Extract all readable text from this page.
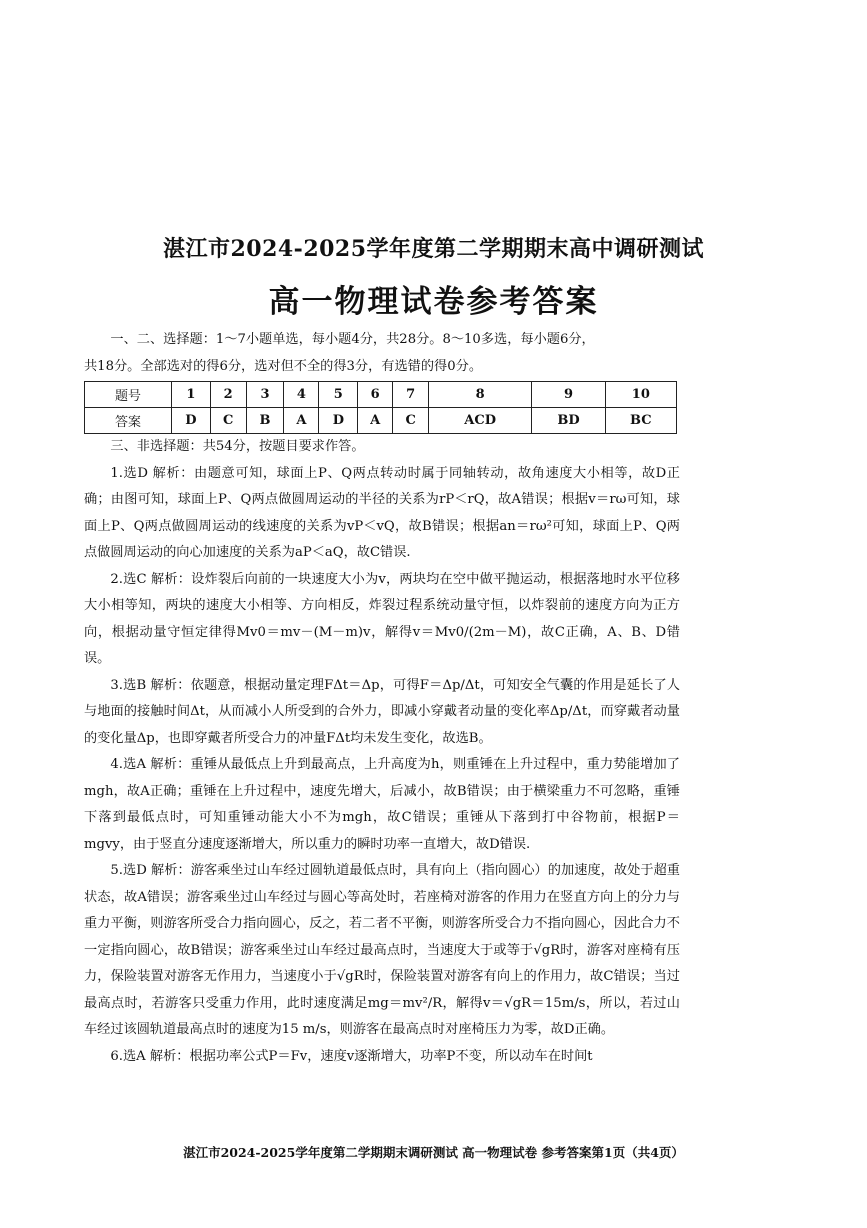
湛江市2024-2025学年度第二学期期末高中调研测试
高一物理试卷参考答案

一、二、选择题：1～7小题单选，每小题4分，共28分。8～10多选，每小题6分，

共18分。全部选对的得6分，选对但不全的得3分，有选错的得0分。

题号	1	2	3	4	5	6	7	8	9	10
答案	D	C	B	A	D	A	C	ACD	BD	BC

三、非选择题：共54分，按题目要求作答。

1.选D 解析：由题意可知，球面上P、Q两点转动时属于同轴转动，故角速度大小相等，故D正确；由图可知，球面上P、Q两点做圆周运动的半径的关系为rP＜rQ，故A错误；根据v＝rω可知，球面上P、Q两点做圆周运动的线速度的关系为vP＜vQ，故B错误；根据an＝rω²可知，球面上P、Q两点做圆周运动的向心加速度的关系为aP＜aQ，故C错误.

2.选C 解析：设炸裂后向前的一块速度大小为v，两块均在空中做平抛运动，根据落地时水平位移大小相等知，两块的速度大小相等、方向相反，炸裂过程系统动量守恒，以炸裂前的速度方向为正方向，根据动量守恒定律得Mv0＝mv－(M－m)v，解得v＝Mv0/(2m－M)，故C正确，A、B、D错误。

3.选B 解析：依题意，根据动量定理FΔt＝Δp，可得F＝Δp/Δt，可知安全气囊的作用是延长了人与地面的接触时间Δt，从而减小人所受到的合外力，即减小穿戴者动量的变化率Δp/Δt，而穿戴者动量的变化量Δp，也即穿戴者所受合力的冲量FΔt均未发生变化，故选B。

4.选A 解析：重锤从最低点上升到最高点，上升高度为h，则重锤在上升过程中，重力势能增加了mgh，故A正确；重锤在上升过程中，速度先增大，后减小，故B错误；由于横梁重力不可忽略，重锤下落到最低点时，可知重锤动能大小不为mgh，故C错误；重锤从下落到打中谷物前，根据P＝mgvy，由于竖直分速度逐渐增大，所以重力的瞬时功率一直增大，故D错误.

5.选D 解析：游客乘坐过山车经过圆轨道最低点时，具有向上（指向圆心）的加速度，故处于超重状态，故A错误；游客乘坐过山车经过与圆心等高处时，若座椅对游客的作用力在竖直方向上的分力与重力平衡，则游客所受合力指向圆心，反之，若二者不平衡，则游客所受合力不指向圆心，因此合力不一定指向圆心，故B错误；游客乘坐过山车经过最高点时，当速度大于或等于√gR时，游客对座椅有压力，保险装置对游客无作用力，当速度小于√gR时，保险装置对游客有向上的作用力，故C错误；当过最高点时，若游客只受重力作用，此时速度满足mg＝mv²/R，解得v＝√gR＝15m/s，所以，若过山车经过该圆轨道最高点时的速度为15 m/s，则游客在最高点时对座椅压力为零，故D正确。

6.选A 解析：根据功率公式P＝Fv，速度v逐渐增大，功率P不变，所以动车在时间t

湛江市2024-2025学年度第二学期期末调研测试 高一物理试卷 参考答案第1页（共4页）
